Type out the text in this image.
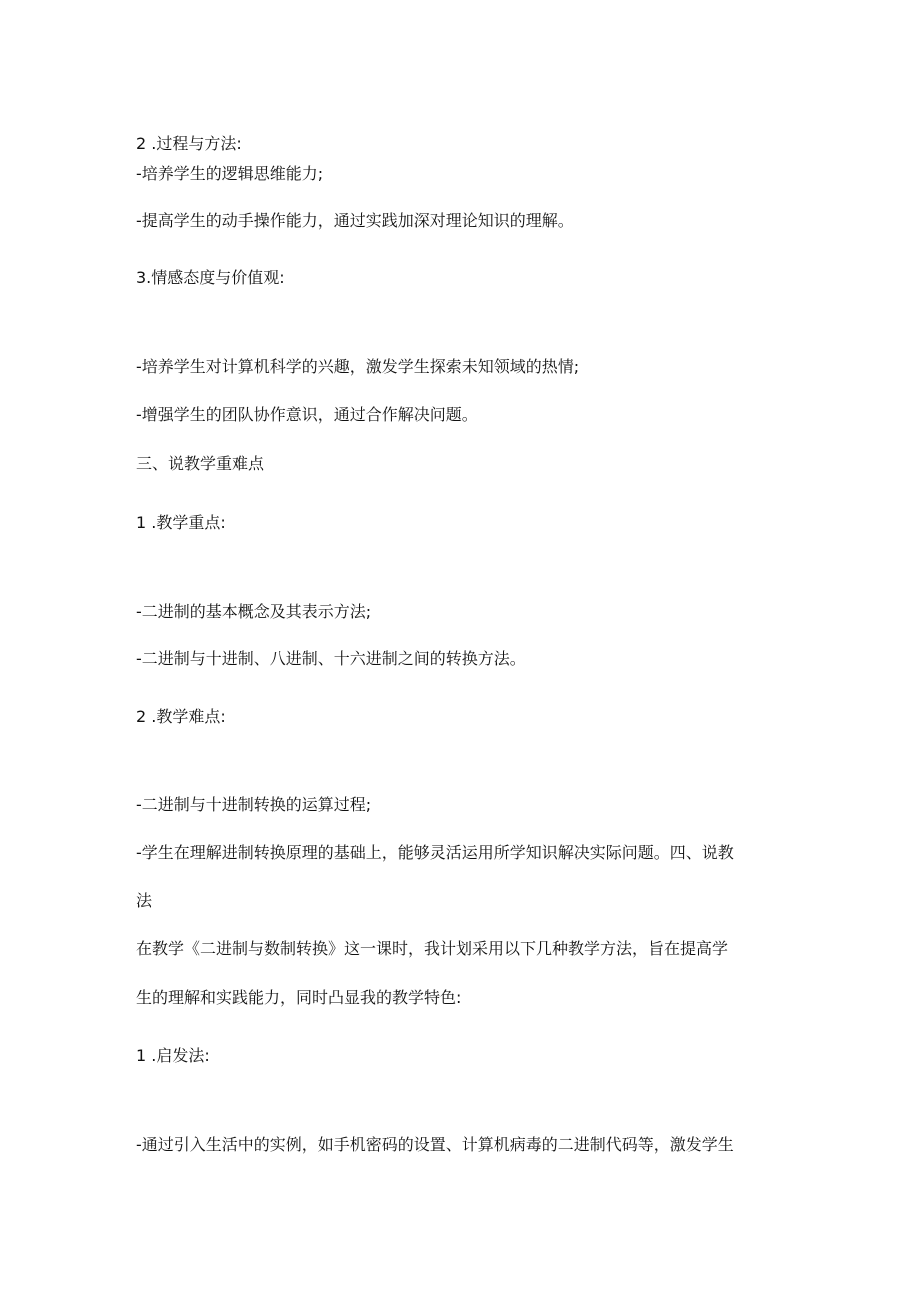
2 .过程与方法:
-培养学生的逻辑思维能力;
-提高学生的动手操作能力，通过实践加深对理论知识的理解。
3.情感态度与价值观:
-培养学生对计算机科学的兴趣，激发学生探索未知领域的热情;
-增强学生的团队协作意识，通过合作解决问题。
三、说教学重难点
1 .教学重点:
-二进制的基本概念及其表示方法;
-二进制与十进制、八进制、十六进制之间的转换方法。
2 .教学难点:
-二进制与十进制转换的运算过程;
-学生在理解进制转换原理的基础上，能够灵活运用所学知识解决实际问题。四、说教
法
在教学《二进制与数制转换》这一课时，我计划采用以下几种教学方法，旨在提高学
生的理解和实践能力，同时凸显我的教学特色:
1 .启发法:
-通过引入生活中的实例，如手机密码的设置、计算机病毒的二进制代码等，激发学生
